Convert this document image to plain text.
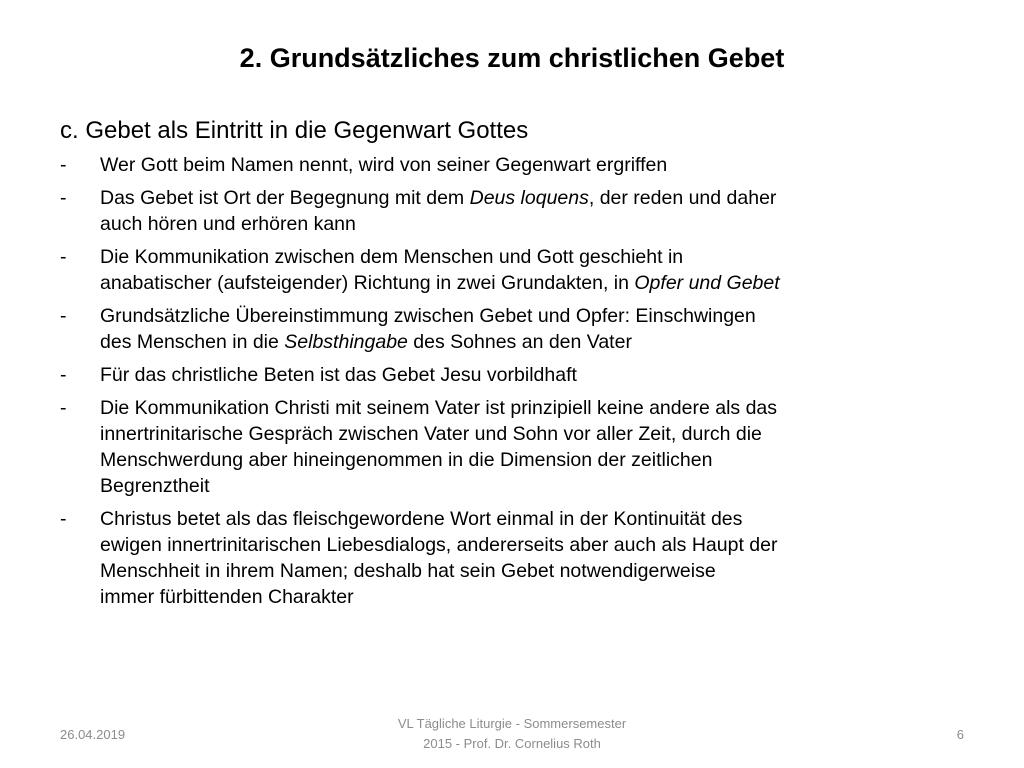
2. Grundsätzliches zum christlichen Gebet
c. Gebet als Eintritt in die Gegenwart Gottes
-	Wer Gott beim Namen nennt, wird von seiner Gegenwart ergriffen
-	Das Gebet ist Ort der Begegnung mit dem Deus loquens, der reden und daher
auch hören und erhören kann
-	Die Kommunikation zwischen dem Menschen und Gott geschieht in
anabatischer (aufsteigender) Richtung in zwei Grundakten, in Opfer und Gebet
-	Grundsätzliche Übereinstimmung zwischen Gebet und Opfer: Einschwingen
des Menschen in die Selbsthingabe des Sohnes an den Vater
-	Für das christliche Beten ist das Gebet Jesu vorbildhaft
-	Die Kommunikation Christi mit seinem Vater ist prinzipiell keine andere als das
innertrinitarische Gespräch zwischen Vater und Sohn vor aller Zeit, durch die
Menschwerdung aber hineingenommen in die Dimension der zeitlichen
Begrenztheit
-	Christus betet als das fleischgewordene Wort einmal in der Kontinuität des
ewigen innertrinitarischen Liebesdialogs, andererseits aber auch als Haupt der
Menschheit in ihrem Namen; deshalb hat sein Gebet notwendigerweise
immer fürbittenden Charakter
26.04.2019
VL Tägliche Liturgie - Sommersemester
2015 - Prof. Dr. Cornelius Roth
6
